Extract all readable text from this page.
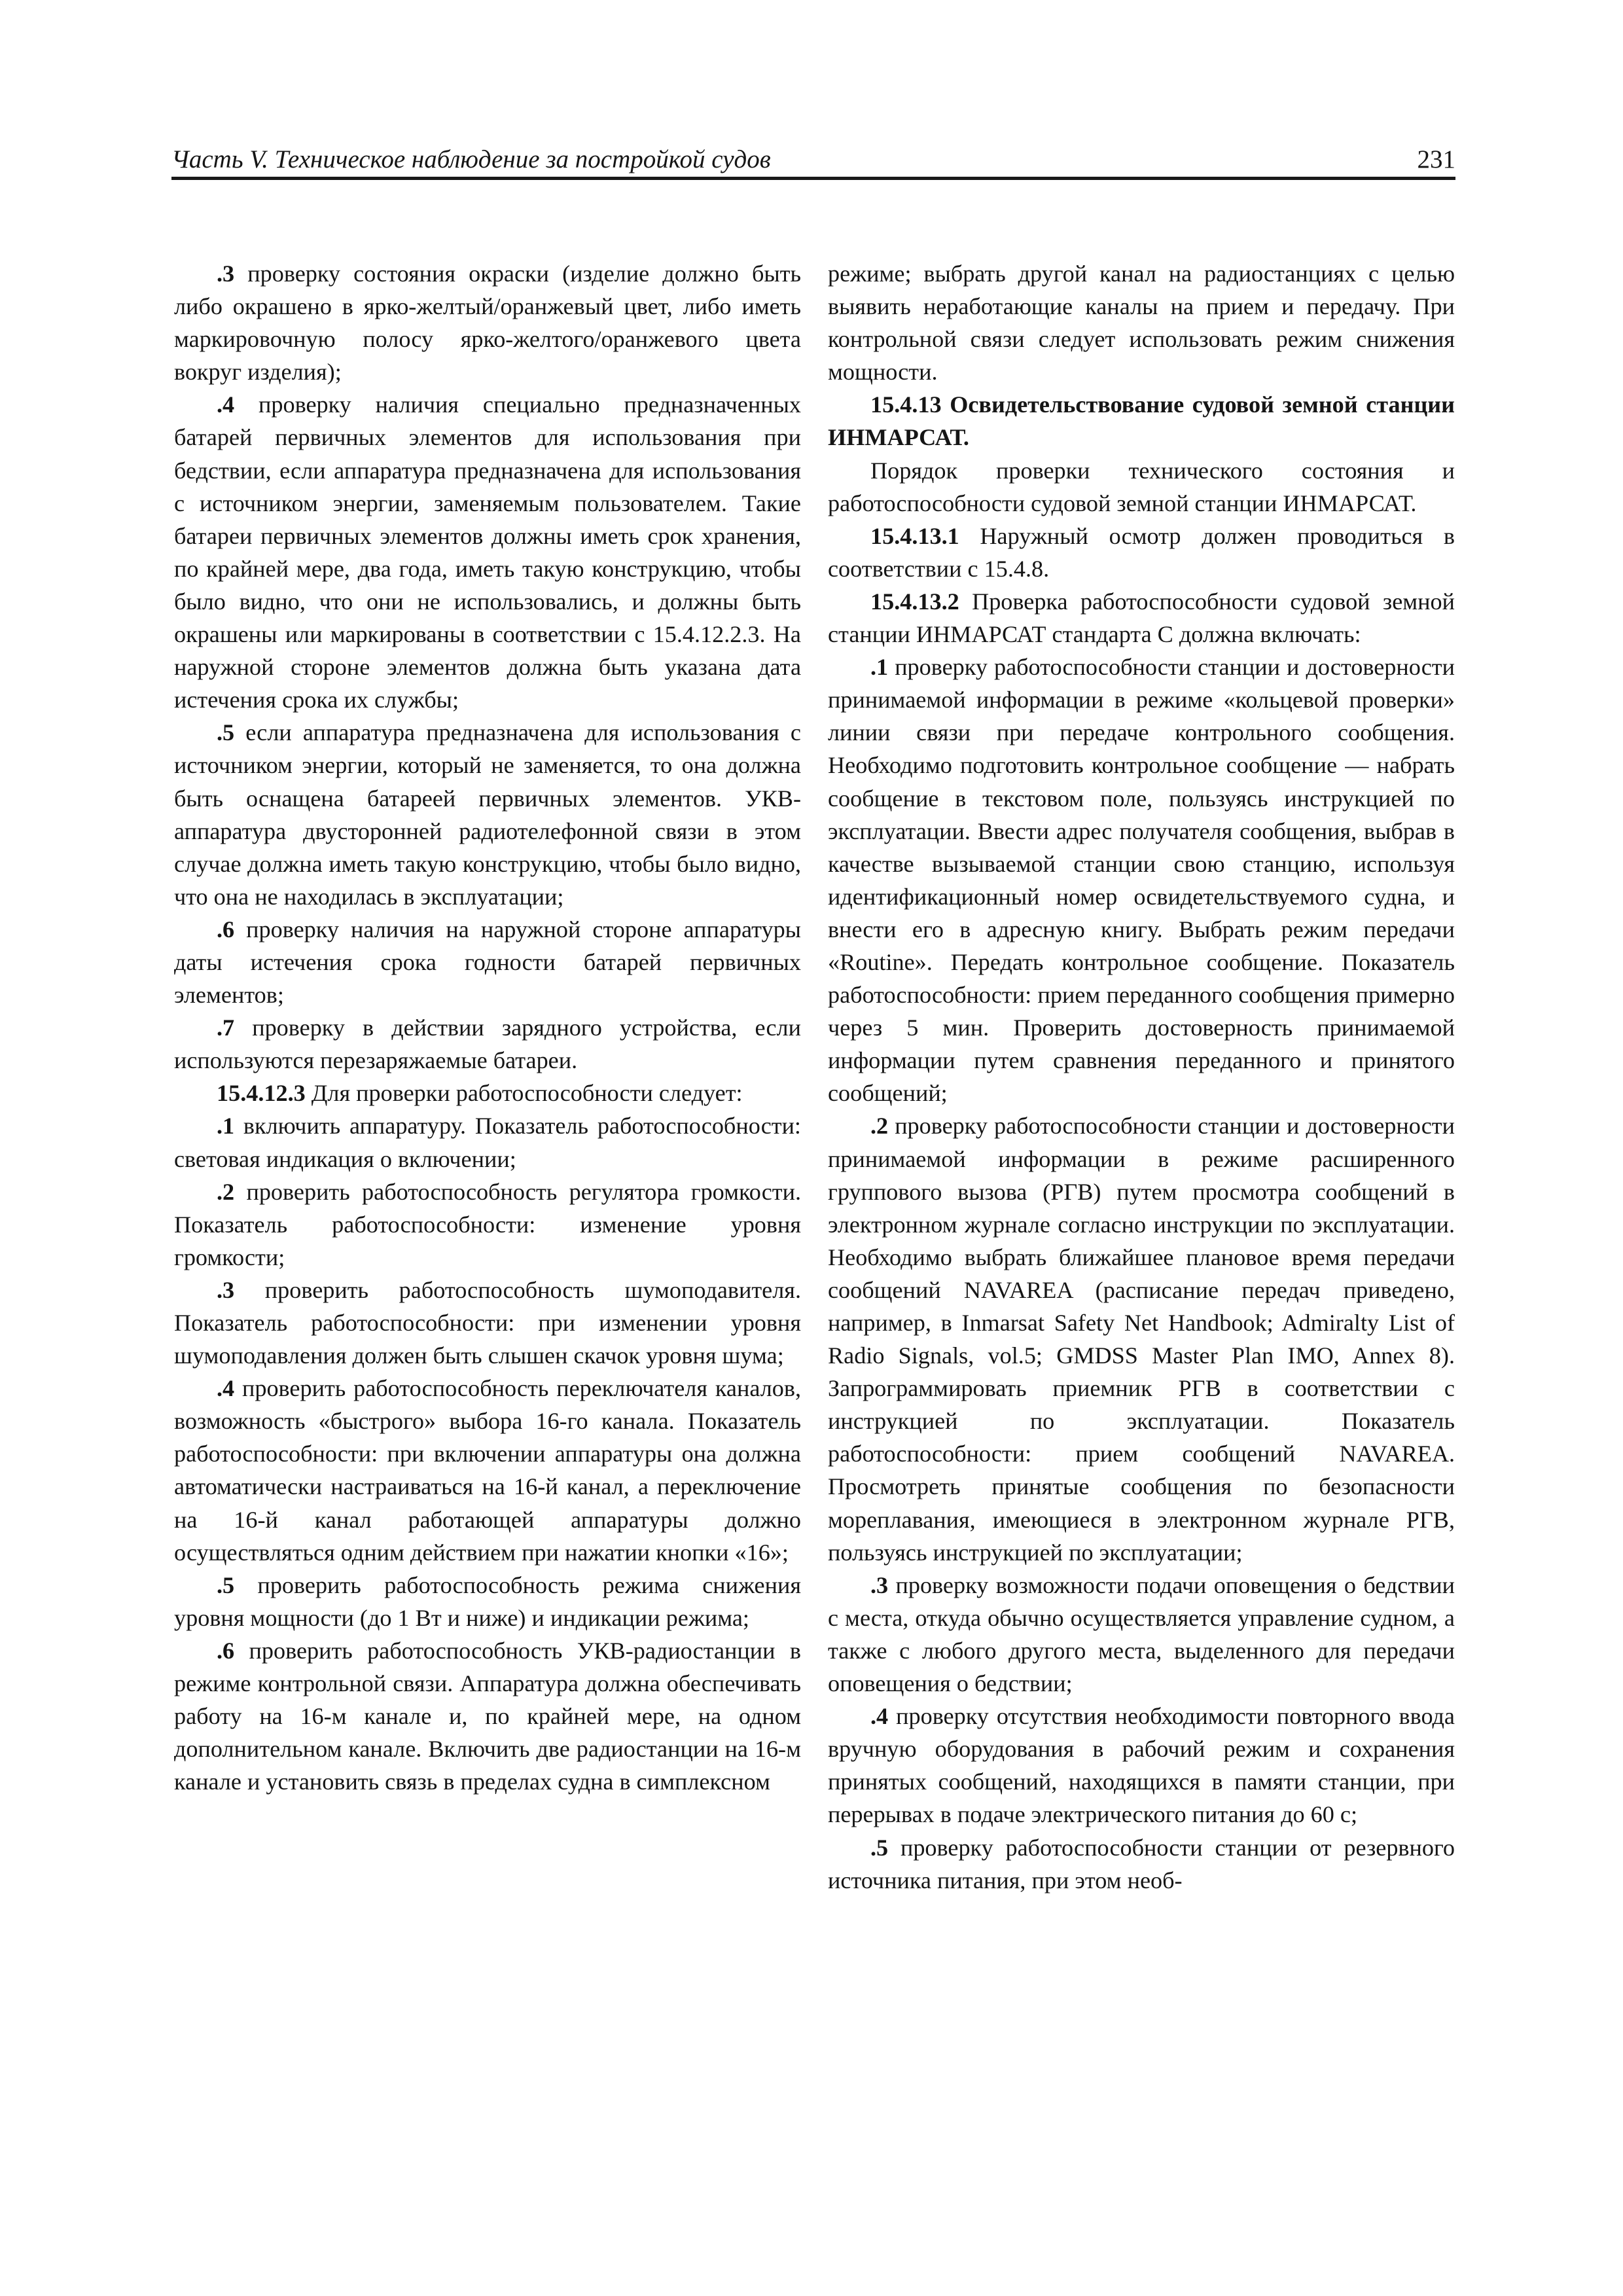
Часть V. Техническое наблюдение за постройкой судов	231

.3 проверку состояния окраски (изделие должно быть либо окрашено в ярко-желтый/оранжевый цвет, либо иметь маркировочную полосу ярко-желтого/оранжевого цвета вокруг изделия);

.4 проверку наличия специально предназначенных батарей первичных элементов для использования при бедствии, если аппаратура предназначена для использования с источником энергии, заменяемым пользователем. Такие батареи первичных элементов должны иметь срок хранения, по крайней мере, два года, иметь такую конструкцию, чтобы было видно, что они не использовались, и должны быть окрашены или маркированы в соответствии с 15.4.12.2.3. На наружной стороне элементов должна быть указана дата истечения срока их службы;

.5 если аппаратура предназначена для использования с источником энергии, который не заменяется, то она должна быть оснащена батареей первичных элементов. УКВ-аппаратура двусторонней радиотелефонной связи в этом случае должна иметь такую конструкцию, чтобы было видно, что она не находилась в эксплуатации;

.6 проверку наличия на наружной стороне аппаратуры даты истечения срока годности батарей первичных элементов;

.7 проверку в действии зарядного устройства, если используются перезаряжаемые батареи.

15.4.12.3 Для проверки работоспособности следует:

.1 включить аппаратуру. Показатель работоспособности: световая индикация о включении;

.2 проверить работоспособность регулятора громкости. Показатель работоспособности: изменение уровня громкости;

.3 проверить работоспособность шумоподавителя. Показатель работоспособности: при изменении уровня шумоподавления должен быть слышен скачок уровня шума;

.4 проверить работоспособность переключателя каналов, возможность «быстрого» выбора 16-го канала. Показатель работоспособности: при включении аппаратуры она должна автоматически настраиваться на 16-й канал, а переключение на 16-й канал работающей аппаратуры должно осуществляться одним действием при нажатии кнопки «16»;

.5 проверить работоспособность режима снижения уровня мощности (до 1 Вт и ниже) и индикации режима;

.6 проверить работоспособность УКВ-радиостанции в режиме контрольной связи. Аппаратура должна обеспечивать работу на 16-м канале и, по крайней мере, на одном дополнительном канале. Включить две радиостанции на 16-м канале и установить связь в пределах судна в симплексном

режиме; выбрать другой канал на радиостанциях с целью выявить неработающие каналы на прием и передачу. При контрольной связи следует использовать режим снижения мощности.

15.4.13 Освидетельствование судовой земной станции ИНМАРСАТ.

Порядок проверки технического состояния и работоспособности судовой земной станции ИНМАРСАТ.

15.4.13.1 Наружный осмотр должен проводиться в соответствии с 15.4.8.

15.4.13.2 Проверка работоспособности судовой земной станции ИНМАРСАТ стандарта С должна включать:

.1 проверку работоспособности станции и достоверности принимаемой информации в режиме «кольцевой проверки» линии связи при передаче контрольного сообщения. Необходимо подготовить контрольное сообщение — набрать сообщение в текстовом поле, пользуясь инструкцией по эксплуатации. Ввести адрес получателя сообщения, выбрав в качестве вызываемой станции свою станцию, используя идентификационный номер освидетельствуемого судна, и внести его в адресную книгу. Выбрать режим передачи «Routine». Передать контрольное сообщение. Показатель работоспособности: прием переданного сообщения примерно через 5 мин. Проверить достоверность принимаемой информации путем сравнения переданного и принятого сообщений;

.2 проверку работоспособности станции и достоверности принимаемой информации в режиме расширенного группового вызова (РГВ) путем просмотра сообщений в электронном журнале согласно инструкции по эксплуатации. Необходимо выбрать ближайшее плановое время передачи сообщений NAVAREA (расписание передач приведено, например, в Inmarsat Safety Net Handbook; Admiralty List of Radio Signals, vol.5; GMDSS Master Plan IMO, Annex 8). Запрограммировать приемник РГВ в соответствии с инструкцией по эксплуатации. Показатель работоспособности: прием сообщений NAVAREA. Просмотреть принятые сообщения по безопасности мореплавания, имеющиеся в электронном журнале РГВ, пользуясь инструкцией по эксплуатации;

.3 проверку возможности подачи оповещения о бедствии с места, откуда обычно осуществляется управление судном, а также с любого другого места, выделенного для передачи оповещения о бедствии;

.4 проверку отсутствия необходимости повторного ввода вручную оборудования в рабочий режим и сохранения принятых сообщений, находящихся в памяти станции, при перерывах в подаче электрического питания до 60 с;

.5 проверку работоспособности станции от резервного источника питания, при этом необ-
